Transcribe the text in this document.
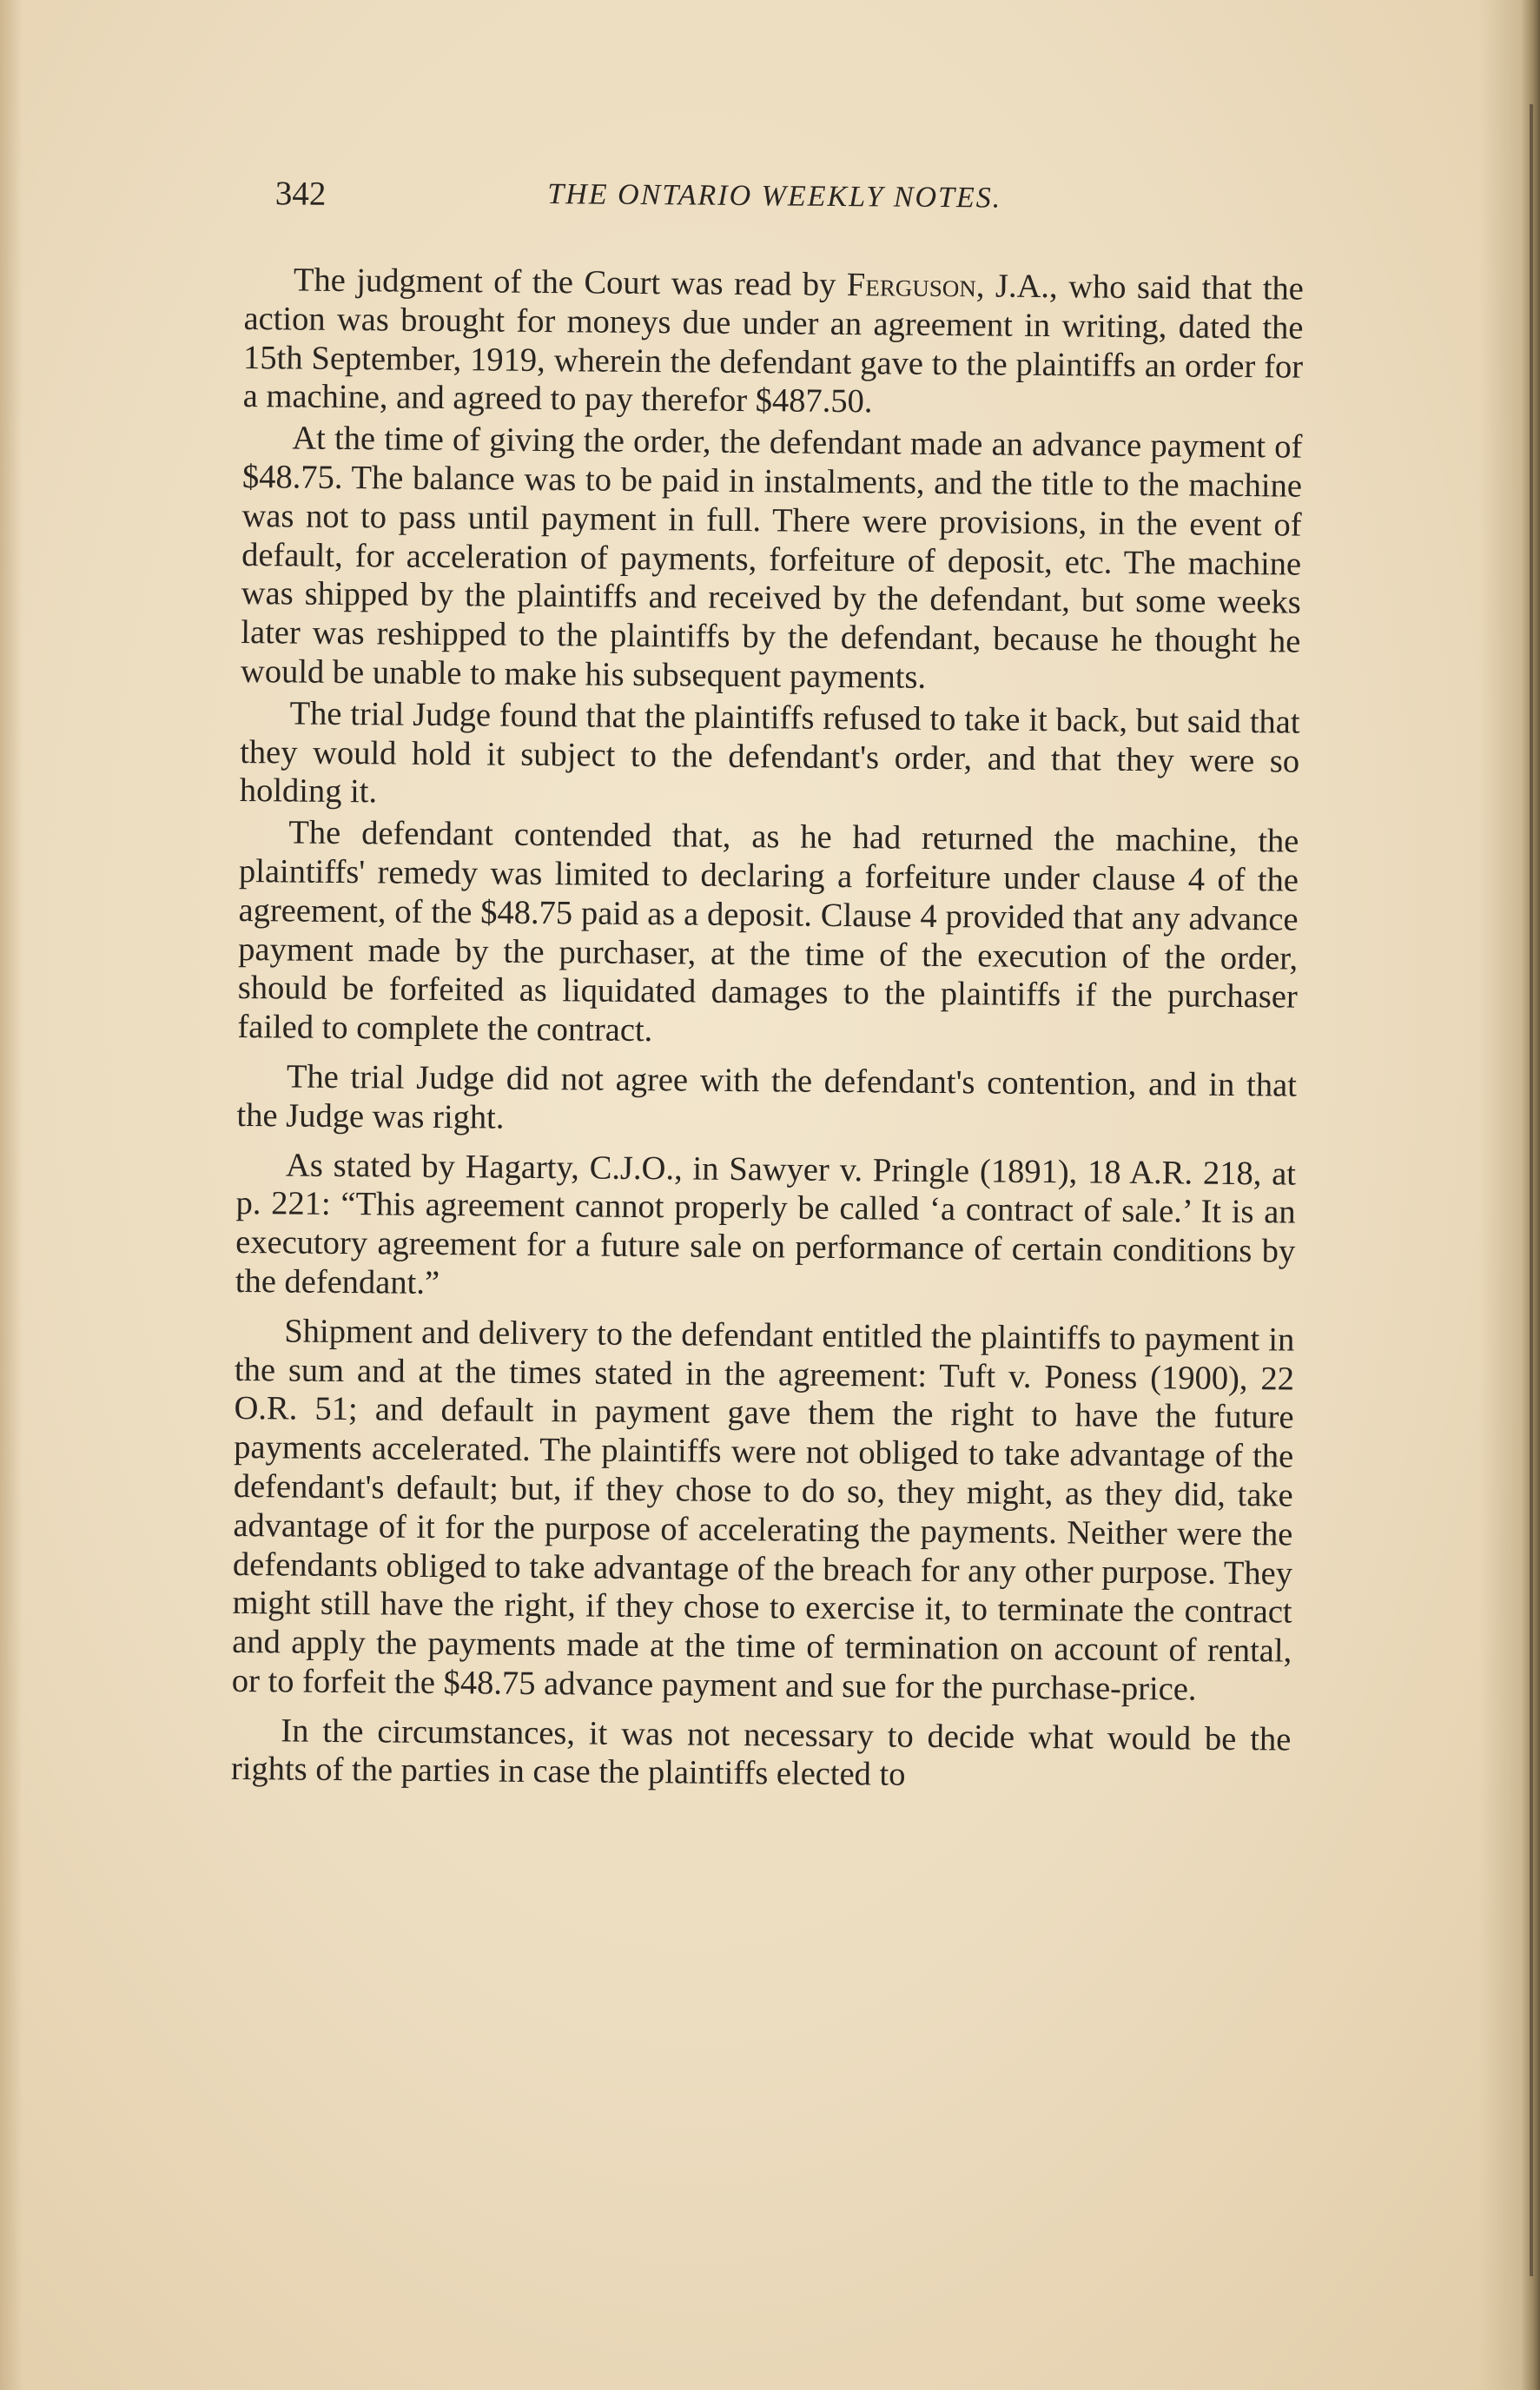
342	THE ONTARIO WEEKLY NOTES.

The judgment of the Court was read by Ferguson, J.A., who said that the action was brought for moneys due under an agreement in writing, dated the 15th September, 1919, wherein the defendant gave to the plaintiffs an order for a machine, and agreed to pay therefor $487.50.

At the time of giving the order, the defendant made an advance payment of $48.75. The balance was to be paid in instalments, and the title to the machine was not to pass until payment in full. There were provisions, in the event of default, for acceleration of payments, forfeiture of deposit, etc. The machine was shipped by the plaintiffs and received by the defendant, but some weeks later was reshipped to the plaintiffs by the defendant, because he thought he would be unable to make his subsequent payments.

The trial Judge found that the plaintiffs refused to take it back, but said that they would hold it subject to the defendant's order, and that they were so holding it.

The defendant contended that, as he had returned the machine, the plaintiffs' remedy was limited to declaring a forfeiture under clause 4 of the agreement, of the $48.75 paid as a deposit. Clause 4 provided that any advance payment made by the purchaser, at the time of the execution of the order, should be forfeited as liquidated damages to the plaintiffs if the purchaser failed to complete the contract.

The trial Judge did not agree with the defendant's contention, and in that the Judge was right.

As stated by Hagarty, C.J.O., in Sawyer v. Pringle (1891), 18 A.R. 218, at p. 221: “This agreement cannot properly be called ‘a contract of sale.’ It is an executory agreement for a future sale on performance of certain conditions by the defendant.”

Shipment and delivery to the defendant entitled the plaintiffs to payment in the sum and at the times stated in the agreement: Tuft v. Poness (1900), 22 O.R. 51; and default in payment gave them the right to have the future payments accelerated. The plaintiffs were not obliged to take advantage of the defendant's default; but, if they chose to do so, they might, as they did, take advantage of it for the purpose of accelerating the payments. Neither were the defendants obliged to take advantage of the breach for any other purpose. They might still have the right, if they chose to exercise it, to terminate the contract and apply the payments made at the time of termination on account of rental, or to forfeit the $48.75 advance payment and sue for the purchase-price.

In the circumstances, it was not necessary to decide what would be the rights of the parties in case the plaintiffs elected to
